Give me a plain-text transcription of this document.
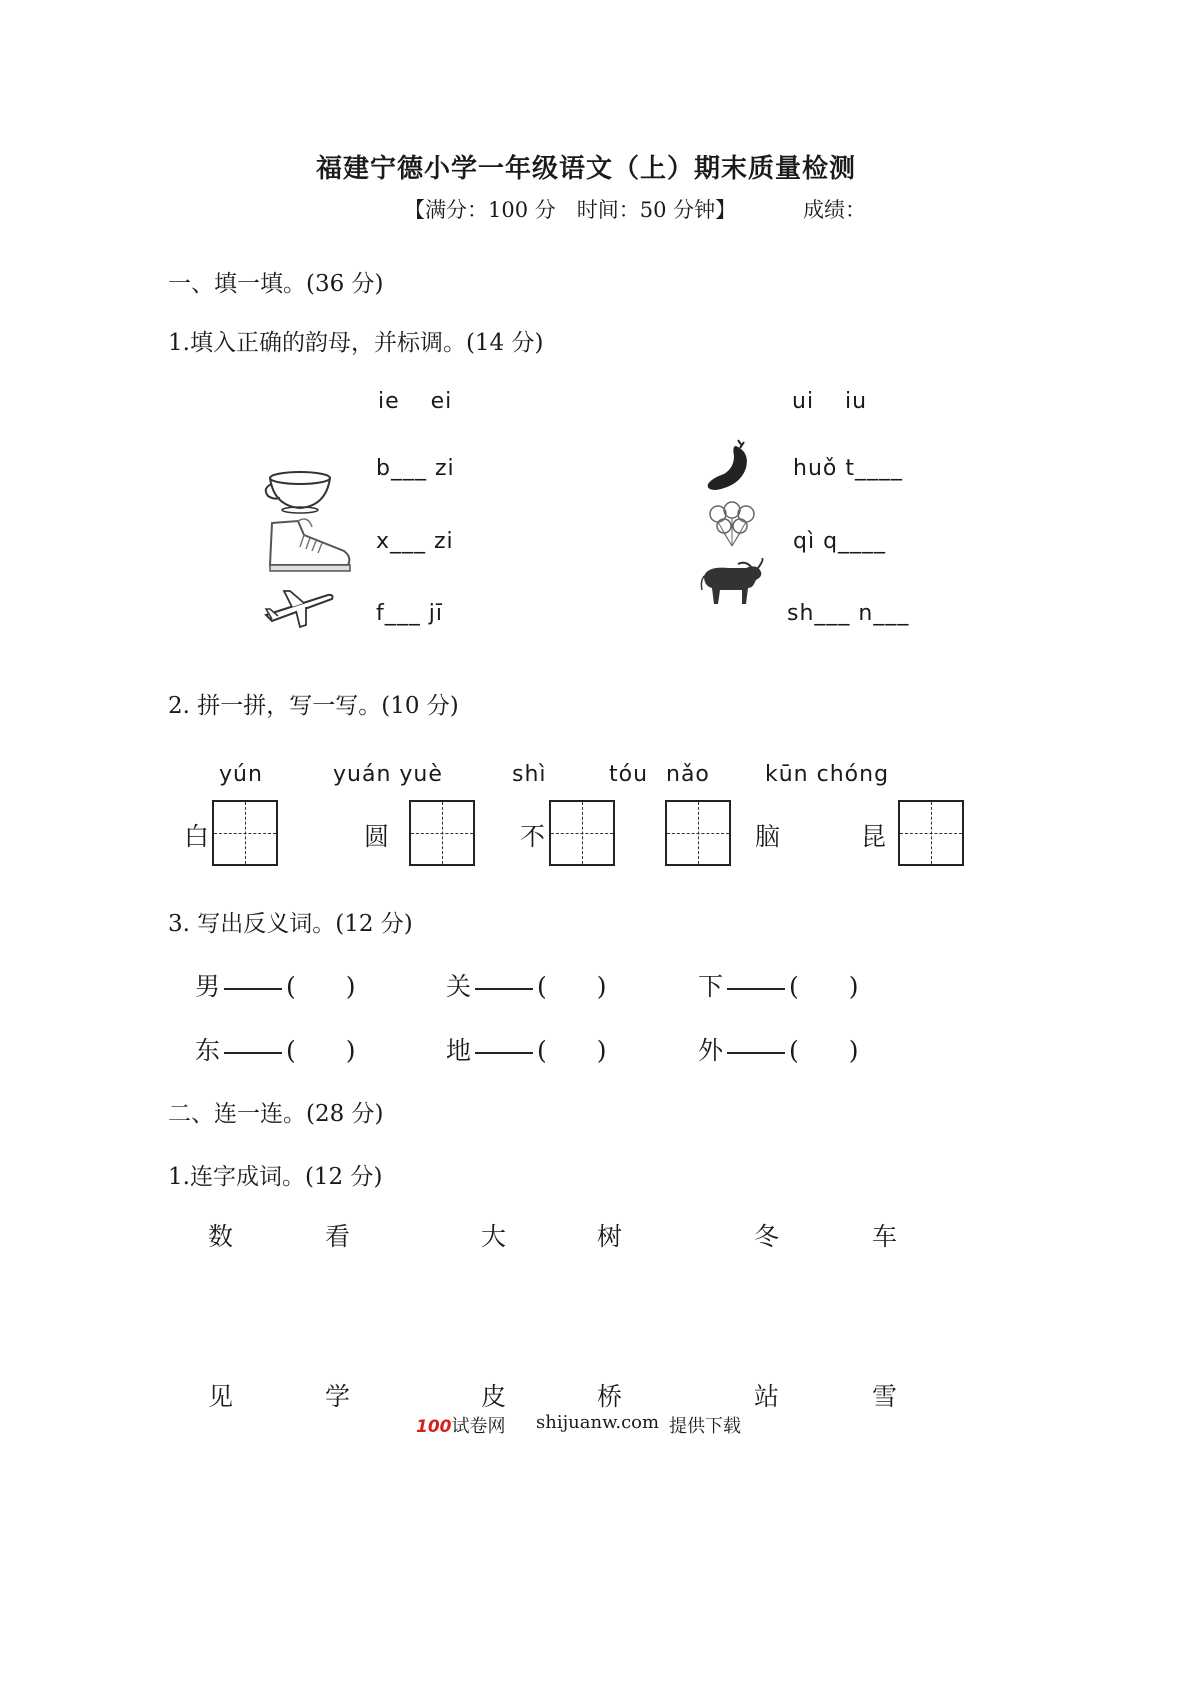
福建宁德小学一年级语文（上）期末质量检测
【满分：100 分　时间：50 分钟】	成绩：
一、填一填。(36 分)
1.填入正确的韵母，并标调。(14 分)
ie　 ei	ui　 iu
b___ zi
x___ zi
f___ jī
huǒ t____
qì q____
sh___ n___
2. 拼一拼，写一写。(10 分)
yún	yuán yuè	shì	tóu nǎo	kūn chóng
白	圆	不	脑	昆
3. 写出反义词。(12 分)
男	(　　)	关	(　　)	下	(　　)
东	(　　)	地	(　　)	外	(　　)
二、连一连。(28 分)
1.连字成词。(12 分)
数	看	大	树	冬	车
见	学	皮	桥	站	雪
100试卷网 shijuanw.com 提供下载
